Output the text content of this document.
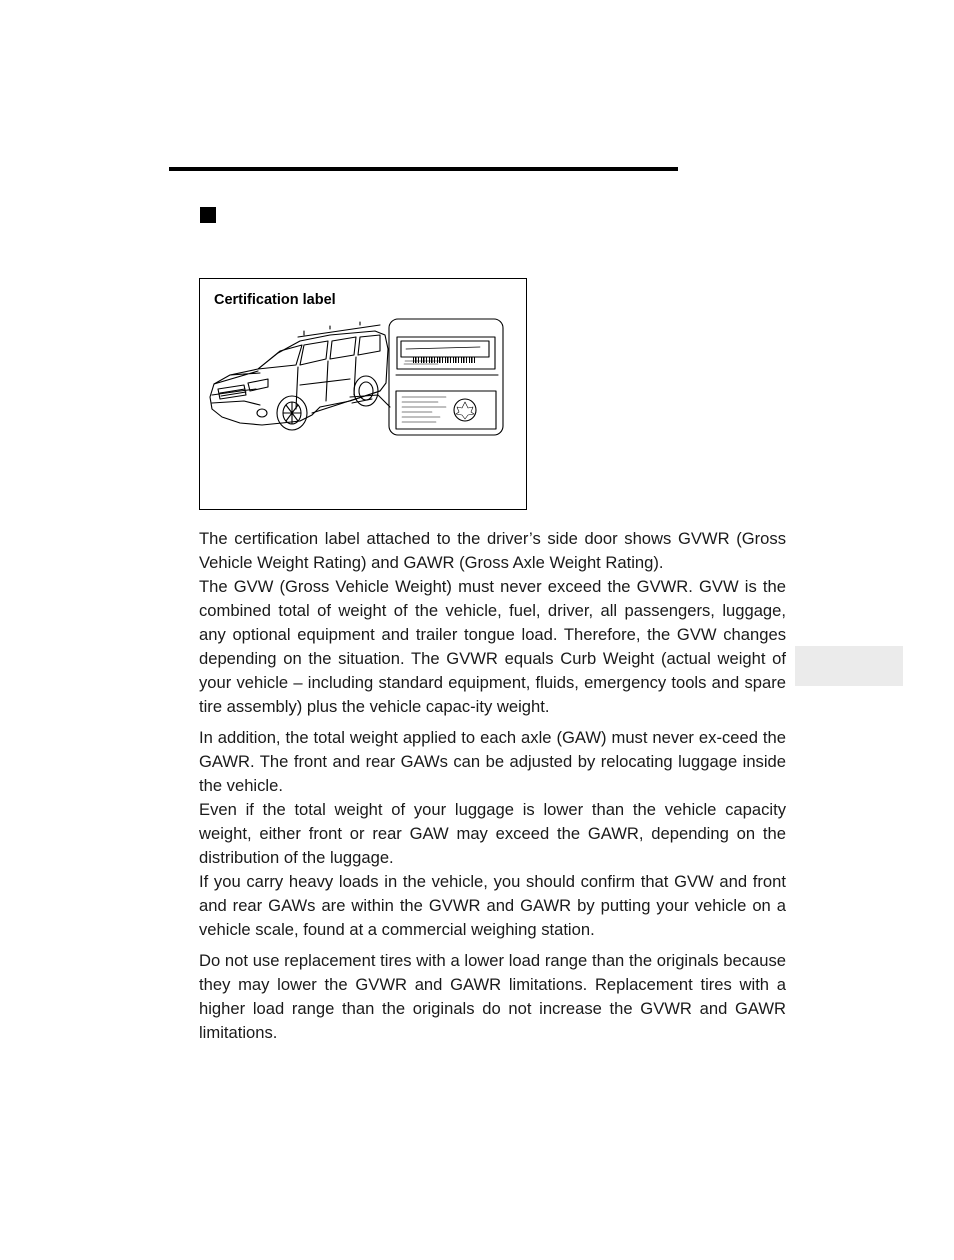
Certification label

The certification label attached to the driver’s side door shows GVWR (Gross Vehicle Weight Rating) and GAWR (Gross Axle Weight Rating).

The GVW (Gross Vehicle Weight) must never exceed the GVWR. GVW is the combined total of weight of the vehicle, fuel, driver, all passengers, luggage, any optional equipment and trailer tongue load. Therefore, the GVW changes depending on the situation. The GVWR equals Curb Weight (actual weight of your vehicle – including standard equipment, fluids, emergency tools and spare tire assembly) plus the vehicle capac-ity weight.

In addition, the total weight applied to each axle (GAW) must never ex-ceed the GAWR. The front and rear GAWs can be adjusted by relocating luggage inside the vehicle.

Even if the total weight of your luggage is lower than the vehicle capacity weight, either front or rear GAW may exceed the GAWR, depending on the distribution of the luggage.

If you carry heavy loads in the vehicle, you should confirm that GVW and front and rear GAWs are within the GVWR and GAWR by putting your vehicle on a vehicle scale, found at a commercial weighing station.

Do not use replacement tires with a lower load range than the originals because they may lower the GVWR and GAWR limitations. Replacement tires with a higher load range than the originals do not increase the GVWR and GAWR limitations.
